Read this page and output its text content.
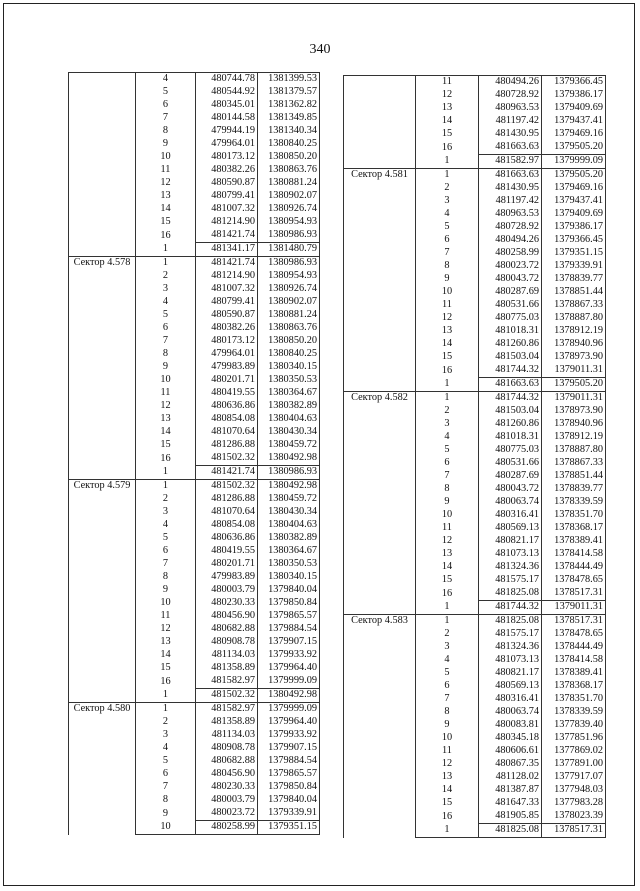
340
	4	480744.78	1381399.53
	5	480544.92	1381379.57
	6	480345.01	1381362.82
	7	480144.58	1381349.85
	8	479944.19	1381340.34
	9	479964.01	1380840.25
	10	480173.12	1380850.20
	11	480382.26	1380863.76
	12	480590.87	1380881.24
	13	480799.41	1380902.07
	14	481007.32	1380926.74
	15	481214.90	1380954.93
	16	481421.74	1380986.93
	1	481341.17	1381480.79
Сектор 4.578	1	481421.74	1380986.93
	2	481214.90	1380954.93
	3	481007.32	1380926.74
	4	480799.41	1380902.07
	5	480590.87	1380881.24
	6	480382.26	1380863.76
	7	480173.12	1380850.20
	8	479964.01	1380840.25
	9	479983.89	1380340.15
	10	480201.71	1380350.53
	11	480419.55	1380364.67
	12	480636.86	1380382.89
	13	480854.08	1380404.63
	14	481070.64	1380430.34
	15	481286.88	1380459.72
	16	481502.32	1380492.98
	1	481421.74	1380986.93
Сектор 4.579	1	481502.32	1380492.98
	2	481286.88	1380459.72
	3	481070.64	1380430.34
	4	480854.08	1380404.63
	5	480636.86	1380382.89
	6	480419.55	1380364.67
	7	480201.71	1380350.53
	8	479983.89	1380340.15
	9	480003.79	1379840.04
	10	480230.33	1379850.84
	11	480456.90	1379865.57
	12	480682.88	1379884.54
	13	480908.78	1379907.15
	14	481134.03	1379933.92
	15	481358.89	1379964.40
	16	481582.97	1379999.09
	1	481502.32	1380492.98
Сектор 4.580	1	481582.97	1379999.09
	2	481358.89	1379964.40
	3	481134.03	1379933.92
	4	480908.78	1379907.15
	5	480682.88	1379884.54
	6	480456.90	1379865.57
	7	480230.33	1379850.84
	8	480003.79	1379840.04
	9	480023.72	1379339.91
	10	480258.99	1379351.15
	11	480494.26	1379366.45
	12	480728.92	1379386.17
	13	480963.53	1379409.69
	14	481197.42	1379437.41
	15	481430.95	1379469.16
	16	481663.63	1379505.20
	1	481582.97	1379999.09
Сектор 4.581	1	481663.63	1379505.20
	2	481430.95	1379469.16
	3	481197.42	1379437.41
	4	480963.53	1379409.69
	5	480728.92	1379386.17
	6	480494.26	1379366.45
	7	480258.99	1379351.15
	8	480023.72	1379339.91
	9	480043.72	1378839.77
	10	480287.69	1378851.44
	11	480531.66	1378867.33
	12	480775.03	1378887.80
	13	481018.31	1378912.19
	14	481260.86	1378940.96
	15	481503.04	1378973.90
	16	481744.32	1379011.31
	1	481663.63	1379505.20
Сектор 4.582	1	481744.32	1379011.31
	2	481503.04	1378973.90
	3	481260.86	1378940.96
	4	481018.31	1378912.19
	5	480775.03	1378887.80
	6	480531.66	1378867.33
	7	480287.69	1378851.44
	8	480043.72	1378839.77
	9	480063.74	1378339.59
	10	480316.41	1378351.70
	11	480569.13	1378368.17
	12	480821.17	1378389.41
	13	481073.13	1378414.58
	14	481324.36	1378444.49
	15	481575.17	1378478.65
	16	481825.08	1378517.31
	1	481744.32	1379011.31
Сектор 4.583	1	481825.08	1378517.31
	2	481575.17	1378478.65
	3	481324.36	1378444.49
	4	481073.13	1378414.58
	5	480821.17	1378389.41
	6	480569.13	1378368.17
	7	480316.41	1378351.70
	8	480063.74	1378339.59
	9	480083.81	1377839.40
	10	480345.18	1377851.96
	11	480606.61	1377869.02
	12	480867.35	1377891.00
	13	481128.02	1377917.07
	14	481387.87	1377948.03
	15	481647.33	1377983.28
	16	481905.85	1378023.39
	1	481825.08	1378517.31
